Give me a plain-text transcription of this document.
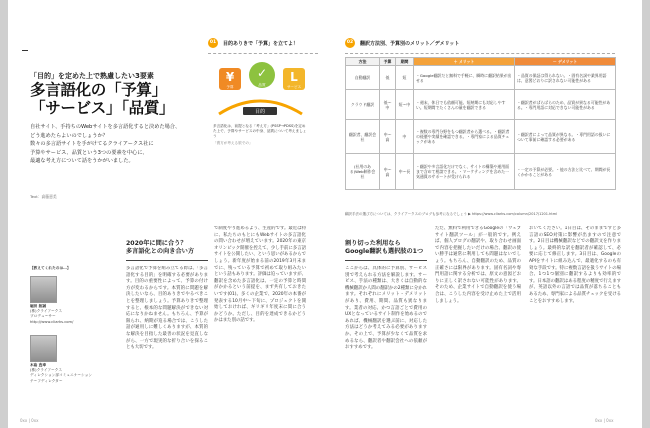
「目的」を定めた上で熟慮したい3要素
多言語化の「予算」
「サービス」「品質」
自社サイト、手持ちのWebサイトを多言語化すると決めた場合、
どう進めたらよいのでしょうか？
数々の多言語サイトを手がけてるクライアークス社に
予算やサービス、品質という3つの要素を中心に、
最適な考え方について話をうかがいました。
Text：高藤恵美
01	目的ありきで「予算」を立てよ！
¥
予算
✓
品質
L
サービス
目的
多言語化は、前提となる「考え方」(PSSP→PDSS)を定めた上で、予算やサービスの中身、品質について考えましょう
「貴方が考える旅での」
【教えてくれたのは…】
堀田 拓誠
(株)クライアークス
プロデューサー
http://www.cliarks.com/
木島 直幸
(株)クライアークス
ディレクション部コミュニケーション
チーフディレクター
2020年に間に合う？
多言語化との向き合い方
多言語化で予算を組み立てる際は、「多言語化する目的」を明確する必要があります。目的の重要性によって、予算の付け方が変わるからです。本質的に問題を解決したいなら、目的ありきでやるべきことを整理しましょう。予算ありきで整理すると、根本的な問題解決ができない対応になりかねません。もちろん、予算が限られ、納期が迫る場合では、こうした話が通用しに難しくありますが、本質的な解決を目指した最善の状況を見直しながら、一方で現実的な折り合いを探ることも大切です。
で制度やり進めるよう、生産的です。最近は特に、私たちのもとにもWebサイトの多言語化の問い合わせが増えています。2020年の東京オリンピック開催を控えて、少し手前に多言語サイトを公開したい、という思いがあるからでしょう。新年度が始まる前の2019年3月末までに、残っている予算で初めて取り組みたいという話もあります。評価は迫っていますが、翻訳を含めた多言語化は、一定の予算と時間がかかるという前提を、まず共有しておきたいです(01)。多くの企業で、2020年の本番が発表する10月中〜下旬に、プロジェクトを開始しておければ、ギリギリ年度末に間に合うかどうか。ただし、目的を達成できるかどうかはまた別の話です。
0xx | 0xx
02	翻訳方法別、予算別のメリット／デメリット
方法	予算	期間	＋ メリット	－ デメリット
自動翻訳	低	短	・Google翻訳だと無料で手軽に、瞬時に翻訳結果が出せる	・品質の保証は得られない。・固有名詞や業界用語は、意図どおりに訳されない可能性がある
クラウド翻訳	低〜中	短〜中	・週末、休日でも依頼可能。短納期にも対応しやすい。短期間でたくさんの量を翻訳できる	・翻訳者がばらばらのため、品質が異なる可能性がある。・専門用語に対応できない可能性がある
翻訳者、翻訳会社	中〜高	中	・複数の専門分野をもつ翻訳者から選べる。・翻訳者の経歴や実績を確認できる。・専門家による品質チェックがある	・翻訳者によって品質が異なる。・専門用語の扱いについて事前に確認する必要がある
(社用のある)Web制作会社	中〜高	中〜長	・翻訳や多言語化だけでなく、サイトの構築や運用面まで含めて相談できる。・マーケティングを含めた一気通貫のサポートが受けられる	・一定の予算が必要。・他の方法と比べて、期間が長くかかることがある
翻訳手法の選び方については、クライアークスのブログも参考になるでしょう ▶ https://www.cliarks.com/column/2017/1201.html
割り切った利用なら
Google翻訳も選択肢の1つ
ここからは、具体的に予算別、サービス別で考えられる方法を解説します。サービス、手法の種類は、大きくは自動的な機械翻訳か人間の翻訳かの2種類に分かれます。それぞれにメリット・デメリットがあり、費用、期間、品質も異なります。業者の対応、かつ言語ごとで費用のUXとなっているサイト制作を始めるのであれば、機械翻訳を選ぶ前に、対応した方法はどうか考えてみる必要がありますか。その上で、予算が少なくて品質を求めるなら、翻訳者や翻訳会社への依頼がおすすめです。
ただ、無料で利用できるGoogleの「ウェブサイト翻訳ツール」が一般的です。例えば、個人ブログの翻訳や、取り合わせ画面で内容を把握したいだけの場合、翻訳の使い勝手は通常に利用しても問題はないでしょう。もちろん、自動翻訳のため、品質の正確さには限界があります。固有名詞や専門用語に関する分析では、原文の意図どおりに正しく訳されない可能性があります。そのため、企業サイトで自動翻訳を使う場合は、こうした内容を受け止めた上で活用しましょう。
おいてください。1日目は、そのままですと多言語のSEO対策に影響が出ますので注意です。2日目は機械翻訳などでの翻訳文を作りましょう。最終的な訳を翻訳者が確認して、必要に応じて修正します。3日目は、GoogleのAPIをサイトに組み込んで、最適化するのも有効な手段です。特に複数言語を扱うサイトの場合、1つ1つ個別に翻訳するよりも効率的です。日本語の翻訳はある程度の精度で行えますが、英語以外の言語では品質が落ちることもあるため、専門家による品質チェックを受けることをおすすめします。
0xx | 0xx
